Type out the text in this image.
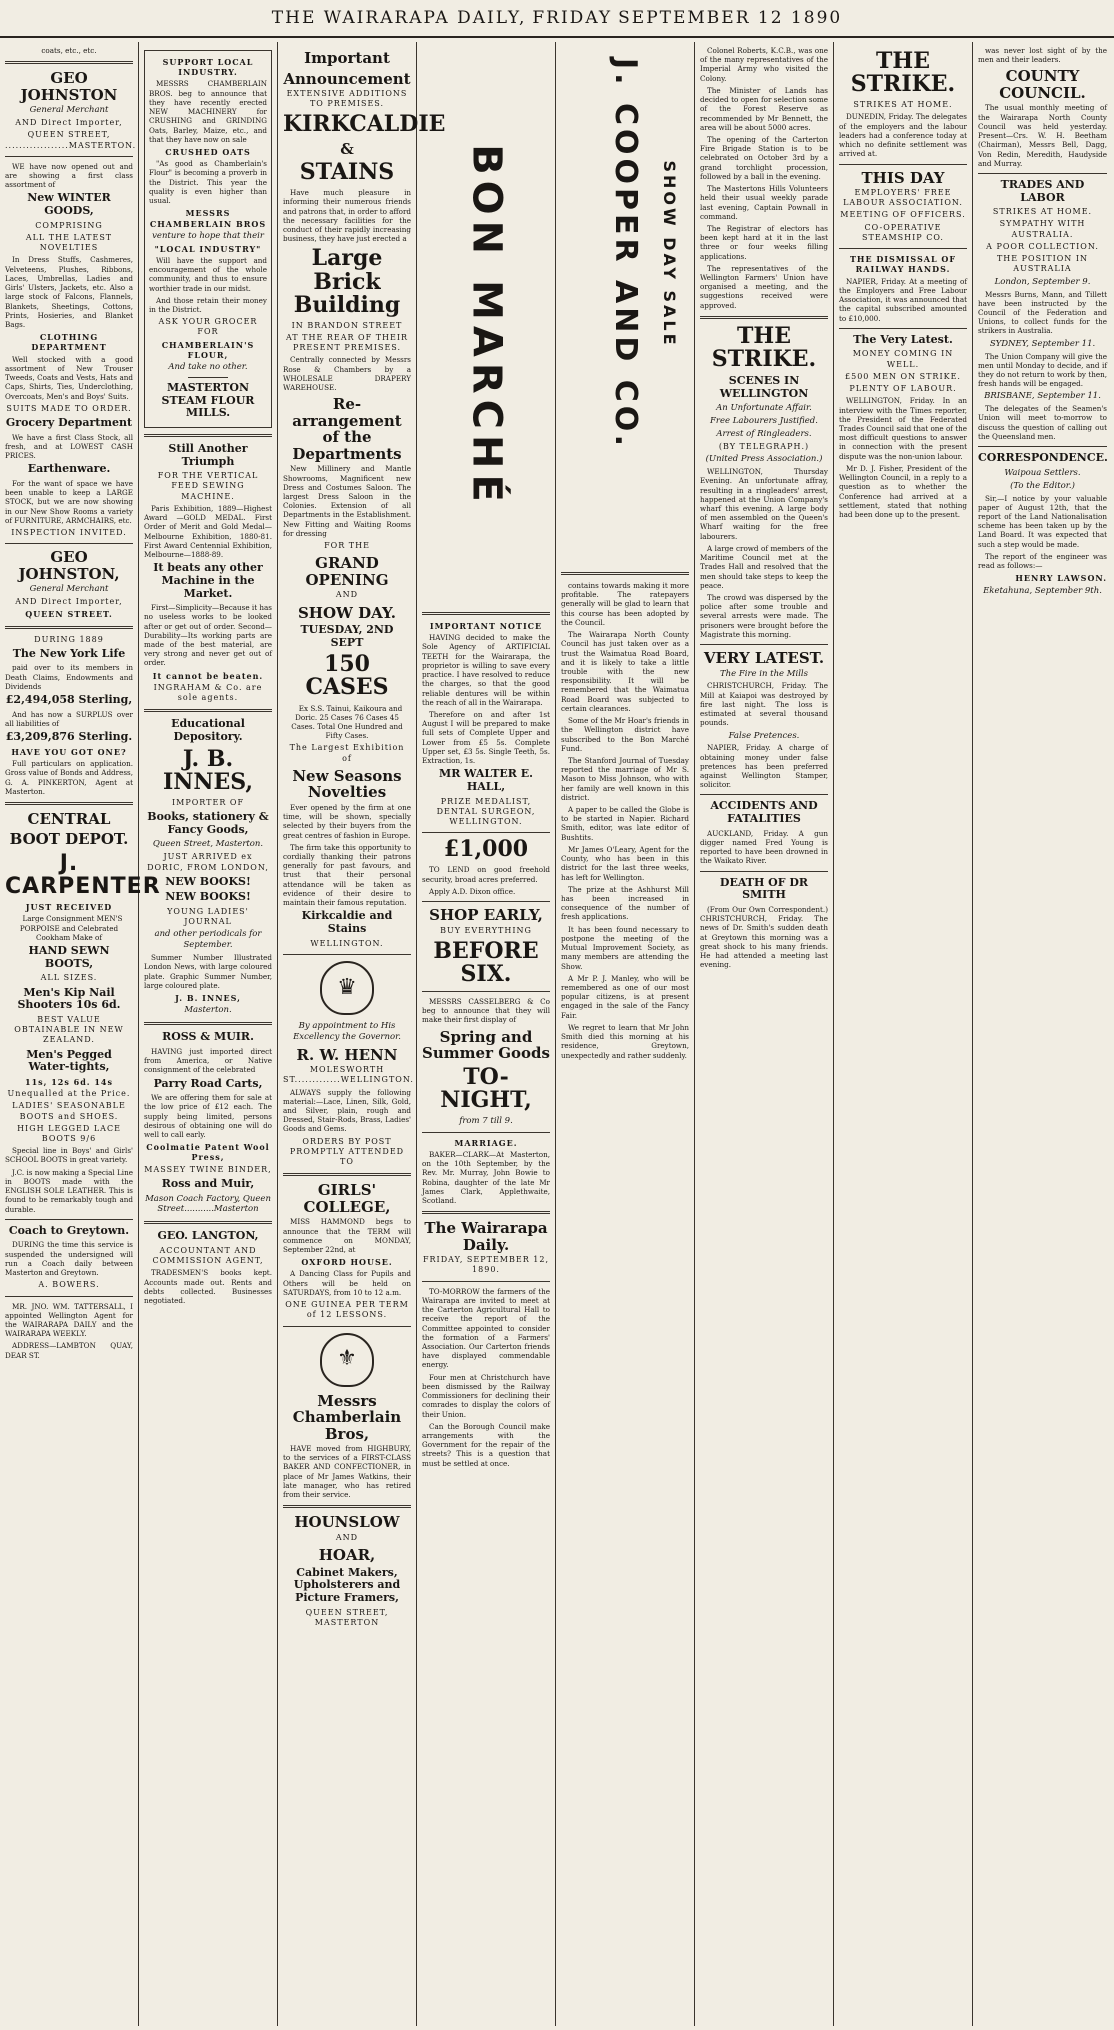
THE WAIRARAPA DAILY, FRIDAY SEPTEMBER 12 1890
coats, etc., etc.
GEO JOHNSTON
General Merchant
AND Direct Importer,
QUEEN STREET, ..................MASTERTON.

WE have now opened out and are showing a first class assortment of

New WINTER GOODS,
COMPRISING
ALL THE LATEST NOVELTIES

In Dress Stuffs, Cashmeres, Velveteens, Plushes, Ribbons, Laces, Umbrellas, Ladies and Girls' Ulsters, Jackets, etc. Also a large stock of Falcons, Flannels, Blankets, Sheetings, Cottons, Prints, Hosieries, and Blanket Bags.

CLOTHING DEPARTMENT

Well stocked with a good assortment of New Trouser Tweeds, Coats and Vests, Hats and Caps, Shirts, Ties, Underclothing, Overcoats, Men's and Boys' Suits.

SUITS MADE TO ORDER.
Grocery Department

We have a first Class Stock, all fresh, and at LOWEST CASH PRICES.

Earthenware.

For the want of space we have been unable to keep a LARGE STOCK, but we are now showing in our New Show Rooms a variety of FURNITURE, ARMCHAIRS, etc.

INSPECTION INVITED.
GEO JOHNSTON,
General Merchant
AND Direct Importer,
QUEEN STREET.
DURING 1889
The New York Life

paid over to its members in Death Claims, Endowments and Dividends

£2,494,058 Sterling,

And has now a SURPLUS over all liabilities of

£3,209,876 Sterling.
HAVE YOU GOT ONE?

Full particulars on application. Gross value of Bonds and Address, G. A. PINKERTON, Agent at Masterton.

CENTRAL
BOOT DEPOT.
J. CARPENTER
JUST RECEIVED

Large Consignment MEN'S PORPOISE and Celebrated Cookham Make of

HAND SEWN BOOTS,
ALL SIZES.
Men's Kip Nail Shooters 10s 6d.
BEST VALUE OBTAINABLE IN NEW ZEALAND.
Men's Pegged Water-tights,
11s, 12s 6d. 14s
Unequalled at the Price.
LADIES' SEASONABLE BOOTS and SHOES.
HIGH LEGGED LACE BOOTS 9/6

Special line in Boys' and Girls' SCHOOL BOOTS in great variety.

J.C. is now making a Special Line in BOOTS made with the ENGLISH SOLE LEATHER. This is found to be remarkably tough and durable.

Coach to Greytown.

DURING the time this service is suspended the undersigned will run a Coach daily between Masterton and Greytown.

A. BOWERS.

MR. JNO. WM. TATTERSALL, I appointed Wellington Agent for the WAIRARAPA DAILY and the WAIRARAPA WEEKLY.

ADDRESS—LAMBTON QUAY, DEAR ST.

SUPPORT LOCAL INDUSTRY.

MESSRS CHAMBERLAIN BROS. beg to announce that they have recently erected NEW MACHINERY for CRUSHING and GRINDING Oats, Barley, Maize, etc., and that they have now on sale

CRUSHED OATS

"As good as Chamberlain's Flour" is becoming a proverb in the District. This year the quality is even higher than usual.

MESSRS CHAMBERLAIN BROS
venture to hope that their
"LOCAL INDUSTRY"

Will have the support and encouragement of the whole community, and thus to ensure worthier trade in our midst.

And those retain their money in the District.

ASK YOUR GROCER FOR
CHAMBERLAIN'S FLOUR,
And take no other.
MASTERTON STEAM FLOUR MILLS.
Still Another Triumph
FOR THE VERTICAL FEED SEWING MACHINE.

Paris Exhibition, 1889—Highest Award —GOLD MEDAL. First Order of Merit and Gold Medal—Melbourne Exhibition, 1880-81. First Award Centennial Exhibition, Melbourne—1888-89.

It beats any other Machine in the Market.

First—Simplicity—Because it has no useless works to be looked after or get out of order. Second—Durability—Its working parts are made of the best material, are very strong and never get out of order.

It cannot be beaten.
INGRAHAM & Co. are sole agents.
Educational Depository.
J. B. INNES,
IMPORTER OF
Books, stationery & Fancy Goods,
Queen Street, Masterton.
JUST ARRIVED ex DORIC, FROM LONDON,
NEW BOOKS!
NEW BOOKS!
YOUNG LADIES' JOURNAL
and other periodicals for September.

Summer Number Illustrated London News, with large coloured plate. Graphic Summer Number, large coloured plate.

J. B. INNES,
Masterton.
ROSS & MUIR.

HAVING just imported direct from America, or Native consignment of the celebrated

Parry Road Carts,

We are offering them for sale at the low price of £12 each. The supply being limited, persons desirous of obtaining one will do well to call early.

Coolmatie Patent Wool Press,
MASSEY TWINE BINDER,
Ross and Muir,
Mason Coach Factory, Queen Street...........Masterton
GEO. LANGTON,
ACCOUNTANT AND COMMISSION AGENT,

TRADESMEN'S books kept. Accounts made out. Rents and debts collected. Businesses negotiated.

Important
Announcement
EXTENSIVE ADDITIONS TO PREMISES.
KIRKCALDIE
&
STAINS

Have much pleasure in informing their numerous friends and patrons that, in order to afford the necessary facilities for the conduct of their rapidly increasing business, they have just erected a

Large Brick Building
IN BRANDON STREET
AT THE REAR OF THEIR PRESENT PREMISES.

Centrally connected by Messrs Rose & Chambers by a WHOLESALE DRAPERY WAREHOUSE.

Re-arrangement of the Departments

New Millinery and Mantle Showrooms, Magnificent new Dress and Costumes Saloon. The largest Dress Saloon in the Colonies. Extension of all Departments in the Establishment. New Fitting and Waiting Rooms for dressing

FOR THE
GRAND OPENING
AND
SHOW DAY.
TUESDAY, 2ND SEPT
150 CASES

Ex S.S. Tainui, Kaikoura and Doric. 25 Cases 76 Cases 45 Cases. Total One Hundred and Fifty Cases.

The Largest Exhibition of
New Seasons Novelties

Ever opened by the firm at one time, will be shown, specially selected by their buyers from the great centres of fashion in Europe.

The firm take this opportunity to cordially thanking their patrons generally for past favours, and trust that their personal attendance will be taken as evidence of their desire to maintain their famous reputation.

Kirkcaldie and Stains
WELLINGTON.
♛
By appointment to His Excellency the Governor.
R. W. HENN
MOLESWORTH ST.............WELLINGTON.

ALWAYS supply the following material:—Lace, Linen, Silk, Gold, and Silver, plain, rough and Dressed, Stair-Rods, Brass, Ladies' Goods and Gems.

ORDERS BY POST PROMPTLY ATTENDED TO
GIRLS' COLLEGE,

MISS HAMMOND begs to announce that the TERM will commence on MONDAY, September 22nd, at

OXFORD HOUSE.

A Dancing Class for Pupils and Others will be held on SATURDAYS, from 10 to 12 a.m.

ONE GUINEA PER TERM of 12 LESSONS.
⚜
Messrs Chamberlain Bros,

HAVE moved from HIGHBURY, to the services of a FIRST-CLASS BAKER AND CONFECTIONER, in place of Mr James Watkins, their late manager, who has retired from their service.

HOUNSLOW
AND
HOAR,
Cabinet Makers, Upholsterers and Picture Framers,
QUEEN STREET, MASTERTON
BON MARCHÉ
IMPORTANT NOTICE

HAVING decided to make the Sole Agency of ARTIFICIAL TEETH for the Wairarapa, the proprietor is willing to save every practice. I have resolved to reduce the charges, so that the good reliable dentures will be within the reach of all in the Wairarapa.

Therefore on and after 1st August I will be prepared to make full sets of Complete Upper and Lower from £5 5s. Complete Upper set, £3 5s. Single Teeth, 5s. Extraction, 1s.

MR WALTER E. HALL,
PRIZE MEDALIST, DENTAL SURGEON, WELLINGTON.
£1,000

TO LEND on good freehold security, broad acres preferred.

Apply A.D. Dixon office.

SHOP EARLY,
BUY EVERYTHING
BEFORE SIX.

MESSRS CASSELBERG & Co beg to announce that they will make their first display of

Spring and Summer Goods
TO-NIGHT,
from 7 till 9.
MARRIAGE.

BAKER—CLARK—At Masterton, on the 10th September, by the Rev. Mr. Murray, John Bowie to Robina, daughter of the late Mr James Clark, Applethwaite, Scotland.

The Wairarapa Daily.
FRIDAY, SEPTEMBER 12, 1890.

TO-MORROW the farmers of the Wairarapa are invited to meet at the Carterton Agricultural Hall to receive the report of the Committee appointed to consider the formation of a Farmers' Association. Our Carterton friends have displayed commendable energy.

Four men at Christchurch have been dismissed by the Railway Commissioners for declining their comrades to display the colors of their Union.

Can the Borough Council make arrangements with the Government for the repair of the streets? This is a question that must be settled at once.

J. COOPER AND CO. SHOW DAY SALE

contains towards making it more profitable. The ratepayers generally will be glad to learn that this course has been adopted by the Council.

The Wairarapa North County Council has just taken over as a trust the Waimatua Road Board, and it is likely to take a little trouble with the new responsibility. It will be remembered that the Waimatua Road Board was subjected to certain clearances.

Some of the Mr Hoar's friends in the Wellington district have subscribed to the Bon Marché Fund.

The Stanford Journal of Tuesday reported the marriage of Mr S. Mason to Miss Johnson, who with her family are well known in this district.

A paper to be called the Globe is to be started in Napier. Richard Smith, editor, was late editor of Bushtits.

Mr James O'Leary, Agent for the County, who has been in this district for the last three weeks, has left for Wellington.

The prize at the Ashhurst Mill has been increased in consequence of the number of fresh applications.

It has been found necessary to postpone the meeting of the Mutual Improvement Society, as many members are attending the Show.

A Mr P. J. Manley, who will be remembered as one of our most popular citizens, is at present engaged in the sale of the Fancy Fair.

We regret to learn that Mr John Smith died this morning at his residence, Greytown, unexpectedly and rather suddenly.

Colonel Roberts, K.C.B., was one of the many representatives of the Imperial Army who visited the Colony.

The Minister of Lands has decided to open for selection some of the Forest Reserve as recommended by Mr Bennett, the area will be about 5000 acres.

The opening of the Carterton Fire Brigade Station is to be celebrated on October 3rd by a grand torchlight procession, followed by a ball in the evening.

The Mastertons Hills Volunteers held their usual weekly parade last evening, Captain Pownall in command.

The Registrar of electors has been kept hard at it in the last three or four weeks filling applications.

The representatives of the Wellington Farmers' Union have organised a meeting, and the suggestions received were approved.

THE STRIKE.
SCENES IN WELLINGTON
An Unfortunate Affair.
Free Labourers Justified.
Arrest of Ringleaders.
(BY TELEGRAPH.)
(United Press Association.)

WELLINGTON, Thursday Evening. An unfortunate affray, resulting in a ringleaders' arrest, happened at the Union Company's wharf this evening. A large body of men assembled on the Queen's Wharf waiting for the free labourers.

A large crowd of members of the Maritime Council met at the Trades Hall and resolved that the men should take steps to keep the peace.

The crowd was dispersed by the police after some trouble and several arrests were made. The prisoners were brought before the Magistrate this morning.

VERY LATEST.
The Fire in the Mills

CHRISTCHURCH, Friday. The Mill at Kaiapoi was destroyed by fire last night. The loss is estimated at several thousand pounds.

False Pretences.

NAPIER, Friday. A charge of obtaining money under false pretences has been preferred against Wellington Stamper, solicitor.

ACCIDENTS AND FATALITIES

AUCKLAND, Friday. A gun digger named Fred Young is reported to have been drowned in the Waikato River.

DEATH OF DR SMITH

(From Our Own Correspondent.) CHRISTCHURCH, Friday. The news of Dr. Smith's sudden death at Greytown this morning was a great shock to his many friends. He had attended a meeting last evening.

THE STRIKE.
STRIKES AT HOME.

DUNEDIN, Friday. The delegates of the employers and the labour leaders had a conference today at which no definite settlement was arrived at.

THIS DAY
EMPLOYERS' FREE LABOUR ASSOCIATION.
MEETING OF OFFICERS.
CO-OPERATIVE STEAMSHIP CO.
THE DISMISSAL OF RAILWAY HANDS.

NAPIER, Friday. At a meeting of the Employers and Free Labour Association, it was announced that the capital subscribed amounted to £10,000.

The Very Latest.
MONEY COMING IN WELL.
£500 MEN ON STRIKE.
PLENTY OF LABOUR.

WELLINGTON, Friday. In an interview with the Times reporter, the President of the Federated Trades Council said that one of the most difficult questions to answer in connection with the present dispute was the non-union labour.

Mr D. J. Fisher, President of the Wellington Council, in a reply to a question as to whether the Conference had arrived at a settlement, stated that nothing had been done up to the present.

was never lost sight of by the men and their leaders.

COUNTY COUNCIL.

The usual monthly meeting of the Wairarapa North County Council was held yesterday. Present—Crs. W. H. Beetham (Chairman), Messrs Bell, Dagg, Von Redin, Meredith, Haudyside and Murray.

TRADES AND LABOR
STRIKES AT HOME.
SYMPATHY WITH AUSTRALIA.
A POOR COLLECTION.
THE POSITION IN AUSTRALIA
London, September 9.

Messrs Burns, Mann, and Tillett have been instructed by the Council of the Federation and Unions, to collect funds for the strikers in Australia.

SYDNEY, September 11.

The Union Company will give the men until Monday to decide, and if they do not return to work by then, fresh hands will be engaged.

BRISBANE, September 11.

The delegates of the Seamen's Union will meet to-morrow to discuss the question of calling out the Queensland men.

CORRESPONDENCE.
Waipoua Settlers.
(To the Editor.)

Sir,—I notice by your valuable paper of August 12th, that the report of the Land Nationalisation scheme has been taken up by the Land Board. It was expected that such a step would be made.

The report of the engineer was read as follows:—

HENRY LAWSON.
Eketahuna, September 9th.
